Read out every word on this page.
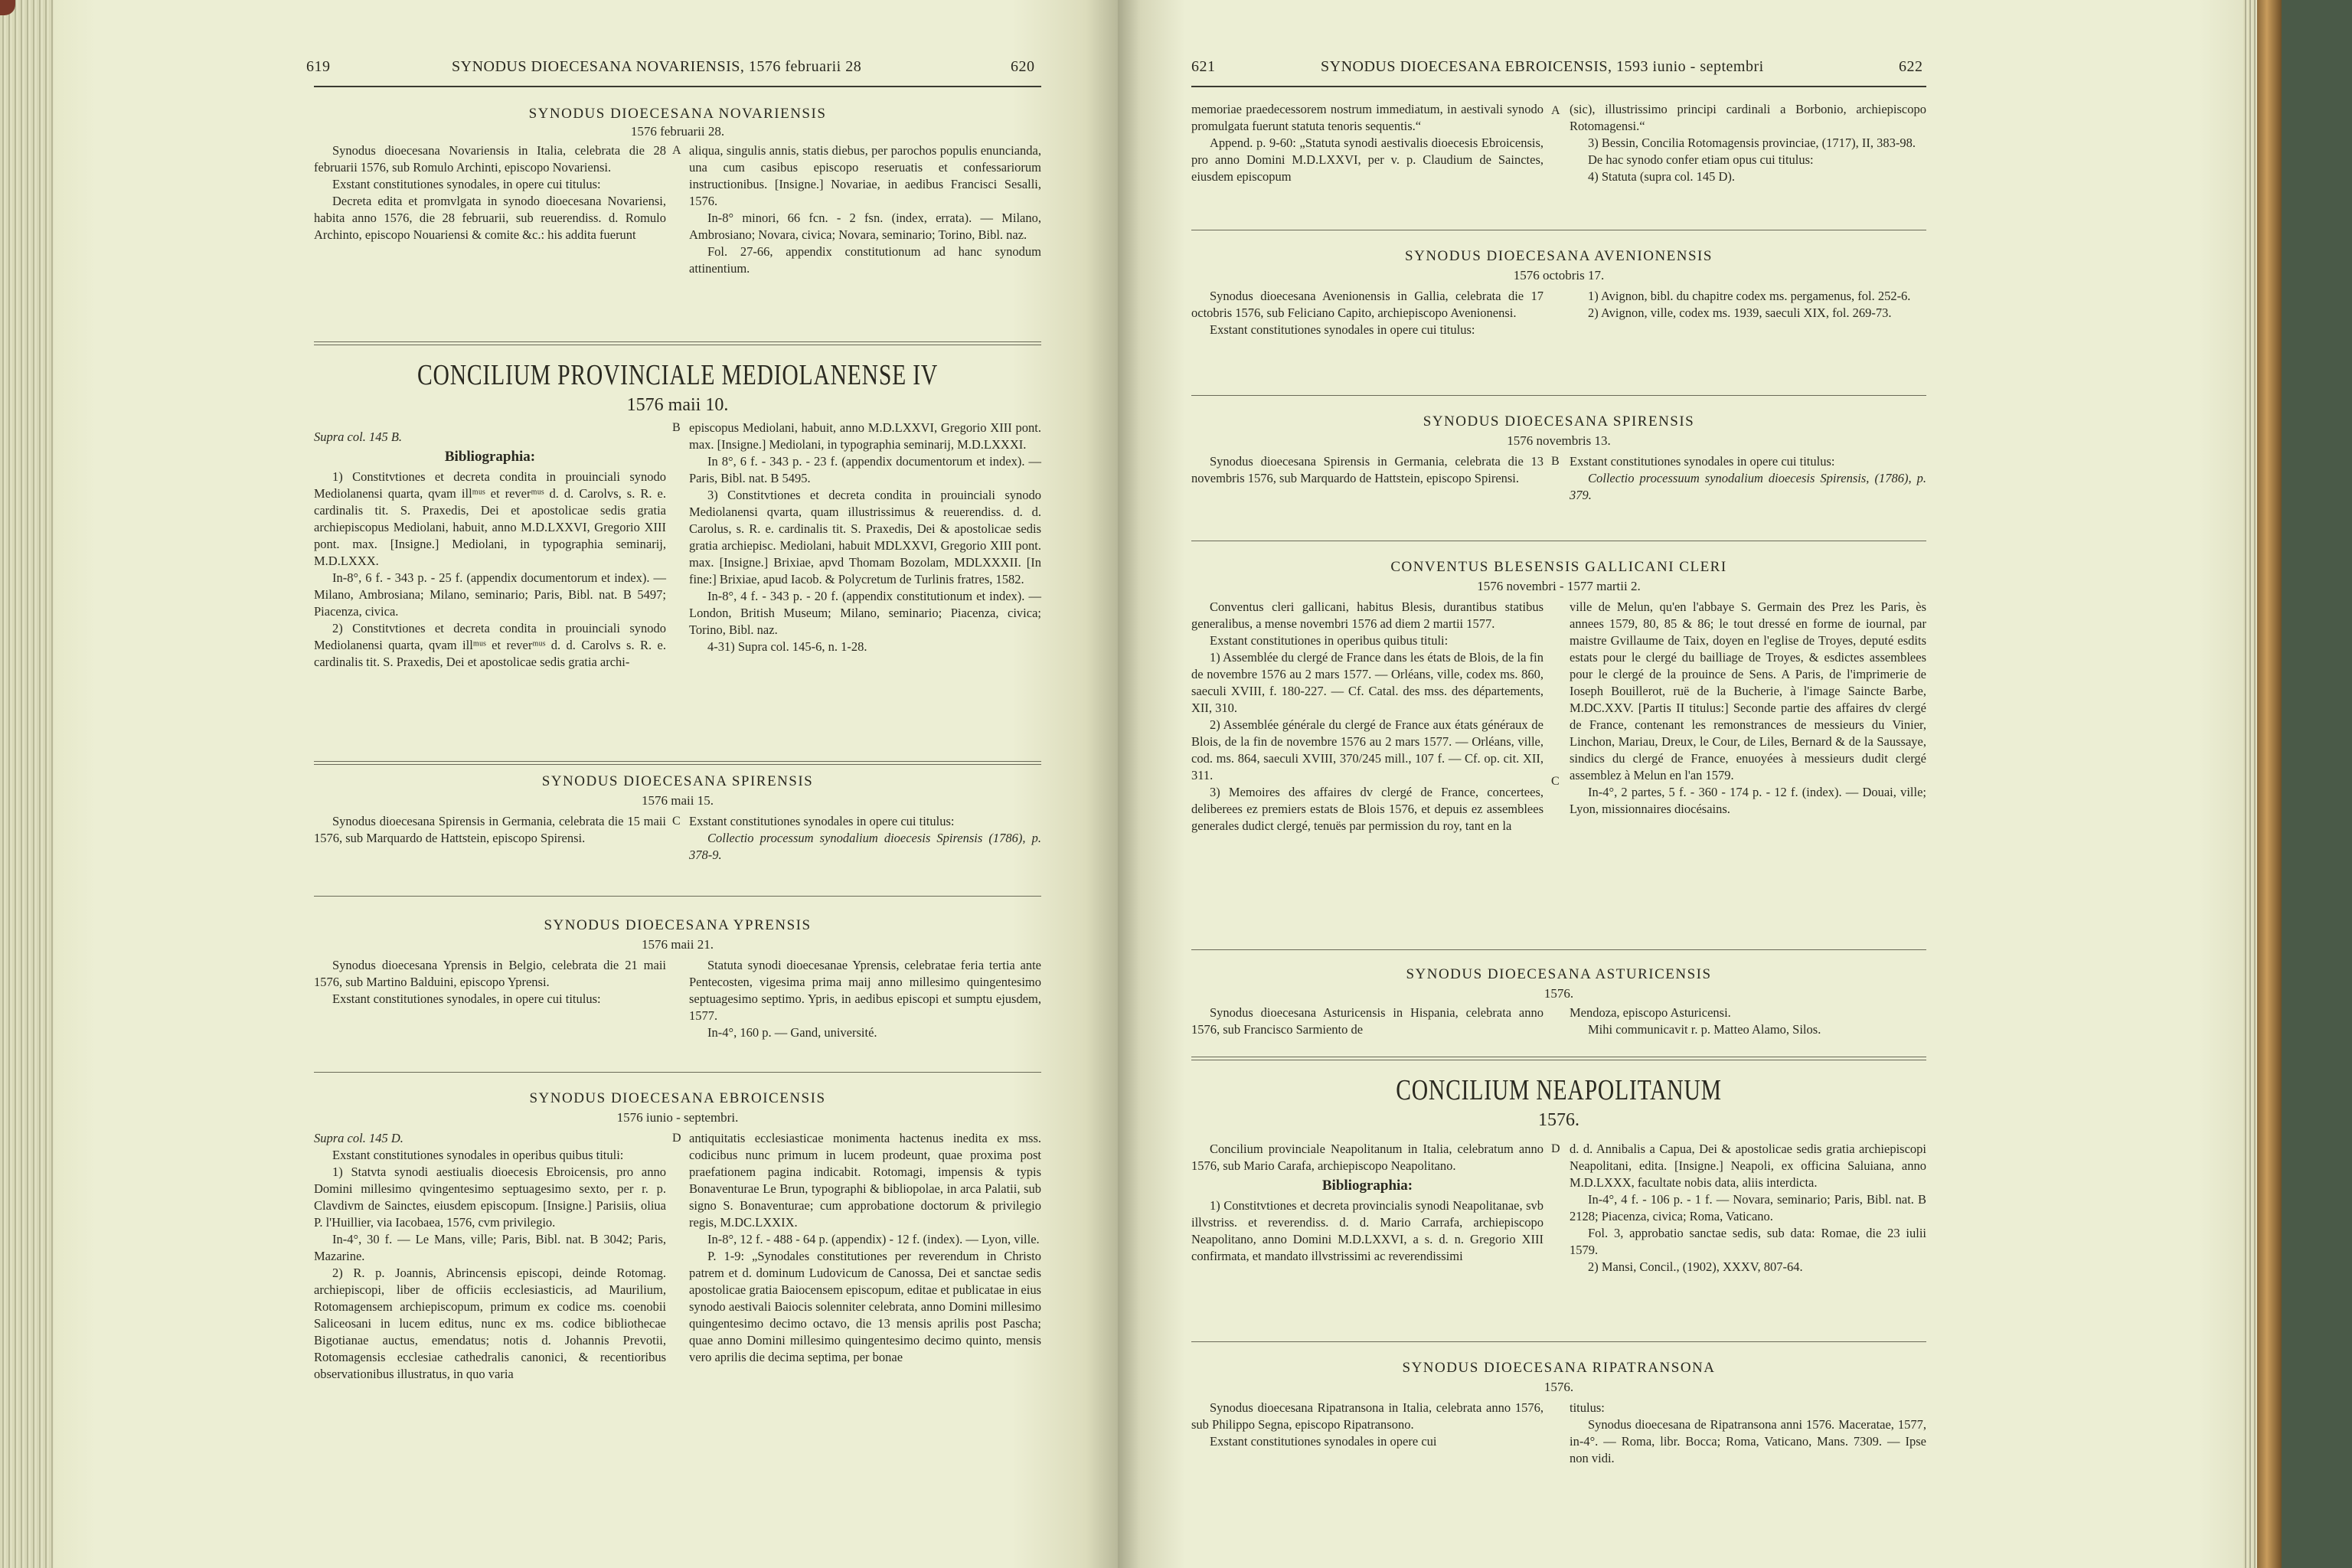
619	SYNODUS DIOECESANA NOVARIENSIS, 1576 februarii 28	620
SYNODUS DIOECESANA NOVARIENSIS
1576 februarii 28.

Synodus dioecesana Novariensis in Italia, celebrata die 28 februarii 1576, sub Romulo Archinti, episcopo Novariensi.

Exstant constitutiones synodales, in opere cui titulus:

Decreta edita et promvlgata in synodo dioecesana Novariensi, habita anno 1576, die 28 februarii, sub reuerendiss. d. Romulo Archinto, episcopo Nouariensi & comite &c.: his addita fuerunt

A aliqua, singulis annis, statis diebus, per parochos populis enuncianda, una cum casibus episcopo reseruatis et confessariorum instructionibus. [Insigne.] Novariae, in aedibus Francisci Sesalli, 1576.

In-8° minori, 66 fcn. - 2 fsn. (index, errata). — Milano, Ambrosiano; Novara, civica; Novara, seminario; Torino, Bibl. naz.

Fol. 27-66, appendix constitutionum ad hanc synodum attinentium.

CONCILIUM PROVINCIALE MEDIOLANENSE IV
1576 maii 10.

Supra col. 145 B.

Bibliographia:

1) Constitvtiones et decreta condita in prouinciali synodo Mediolanensi quarta, qvam illᵐᵘˢ et reverᵐᵘˢ d. d. Carolvs, s. R. e. cardinalis tit. S. Praxedis, Dei et apostolicae sedis gratia archiepiscopus Mediolani, habuit, anno M.D.LXXVI, Gregorio XIII pont. max. [Insigne.] Mediolani, in typographia seminarij, M.D.LXXX.

In-8°, 6 f. - 343 p. - 25 f. (appendix documentorum et index). — Milano, Ambrosiana; Milano, seminario; Paris, Bibl. nat. B 5497; Piacenza, civica.

2) Constitvtiones et decreta condita in prouinciali synodo Mediolanensi quarta, qvam illᵐᵘˢ et reverᵐᵘˢ d. d. Carolvs s. R. e. cardinalis tit. S. Praxedis, Dei et apostolicae sedis gratia archi-

B episcopus Mediolani, habuit, anno M.D.LXXVI, Gregorio XIII pont. max. [Insigne.] Mediolani, in typographia seminarij, M.D.LXXXI.

In 8°, 6 f. - 343 p. - 23 f. (appendix documentorum et index). — Paris, Bibl. nat. B 5495.

3) Constitvtiones et decreta condita in prouinciali synodo Mediolanensi qvarta, quam illustrissimus & reuerendiss. d. d. Carolus, s. R. e. cardinalis tit. S. Praxedis, Dei & apostolicae sedis gratia archiepisc. Mediolani, habuit MDLXXVI, Gregorio XIII pont. max. [Insigne.] Brixiae, apvd Thomam Bozolam, MDLXXXII. [In fine:] Brixiae, apud Iacob. & Polycretum de Turlinis fratres, 1582.

In-8°, 4 f. - 343 p. - 20 f. (appendix constitutionum et index). — London, British Museum; Milano, seminario; Piacenza, civica; Torino, Bibl. naz.

4-31) Supra col. 145-6, n. 1-28.

SYNODUS DIOECESANA SPIRENSIS
1576 maii 15.

Synodus dioecesana Spirensis in Germania, celebrata die 15 maii 1576, sub Marquardo de Hattstein, episcopo Spirensi.

C Exstant constitutiones synodales in opere cui titulus:

Collectio processum synodalium dioecesis Spirensis (1786), p. 378-9.

SYNODUS DIOECESANA YPRENSIS
1576 maii 21.

Synodus dioecesana Yprensis in Belgio, celebrata die 21 maii 1576, sub Martino Balduini, episcopo Yprensi.

Exstant constitutiones synodales, in opere cui titulus:

Statuta synodi dioecesanae Yprensis, celebratae feria tertia ante Pentecosten, vigesima prima maij anno millesimo quingentesimo septuagesimo septimo. Ypris, in aedibus episcopi et sumptu ejusdem, 1577.

In-4°, 160 p. — Gand, université.

SYNODUS DIOECESANA EBROICENSIS
1576 iunio - septembri.

Supra col. 145 D.

Exstant constitutiones synodales in operibus quibus tituli:

1) Statvta synodi aestiualis dioecesis Ebroicensis, pro anno Domini millesimo qvingentesimo septuagesimo sexto, per r. p. Clavdivm de Sainctes, eiusdem episcopum. [Insigne.] Parisiis, oliua P. l'Huillier, via Iacobaea, 1576, cvm privilegio.

In-4°, 30 f. — Le Mans, ville; Paris, Bibl. nat. B 3042; Paris, Mazarine.

2) R. p. Joannis, Abrincensis episcopi, deinde Rotomag. archiepiscopi, liber de officiis ecclesiasticis, ad Maurilium, Rotomagensem archiepiscopum, primum ex codice ms. coenobii Saliceosani in lucem editus, nunc ex ms. codice bibliothecae Bigotianae auctus, emendatus; notis d. Johannis Prevotii, Rotomagensis ecclesiae cathedralis canonici, & recentioribus observationibus illustratus, in quo varia

D antiquitatis ecclesiasticae monimenta hactenus inedita ex mss. codicibus nunc primum in lucem prodeunt, quae proxima post praefationem pagina indicabit. Rotomagi, impensis & typis Bonaventurae Le Brun, typographi & bibliopolae, in arca Palatii, sub signo S. Bonaventurae; cum approbatione doctorum & privilegio regis, M.DC.LXXIX.

In-8°, 12 f. - 488 - 64 p. (appendix) - 12 f. (index). — Lyon, ville.

P. 1-9: „Synodales constitutiones per reverendum in Christo patrem et d. dominum Ludovicum de Canossa, Dei et sanctae sedis apostolicae gratia Baiocensem episcopum, editae et publicatae in eius synodo aestivali Baiocis solenniter celebrata, anno Domini millesimo quingentesimo decimo octavo, die 13 mensis aprilis post Pascha; quae anno Domini millesimo quingentesimo decimo quinto, mensis vero aprilis die decima septima, per bonae

621	SYNODUS DIOECESANA EBROICENSIS, 1593 iunio - septembri	622

memoriae praedecessorem nostrum immediatum, in aestivali synodo promulgata fuerunt statuta tenoris sequentis.“

Append. p. 9-60: „Statuta synodi aestivalis dioecesis Ebroicensis, pro anno Domini M.D.LXXVI, per v. p. Claudium de Sainctes, eiusdem episcopum

A (sic), illustrissimo principi cardinali a Borbonio, archiepiscopo Rotomagensi.“

3) Bessin, Concilia Rotomagensis provinciae, (1717), II, 383-98.

De hac synodo confer etiam opus cui titulus:

4) Statuta (supra col. 145 D).

SYNODUS DIOECESANA AVENIONENSIS
1576 octobris 17.

Synodus dioecesana Avenionensis in Gallia, celebrata die 17 octobris 1576, sub Feliciano Capito, archiepiscopo Avenionensi.

Exstant constitutiones synodales in opere cui titulus:

1) Avignon, bibl. du chapitre codex ms. pergamenus, fol. 252-6.

2) Avignon, ville, codex ms. 1939, saeculi XIX, fol. 269-73.

SYNODUS DIOECESANA SPIRENSIS
1576 novembris 13.

Synodus dioecesana Spirensis in Germania, celebrata die 13 novembris 1576, sub Marquardo de Hattstein, episcopo Spirensi.

B Exstant constitutiones synodales in opere cui titulus:

Collectio processuum synodalium dioecesis Spirensis, (1786), p. 379.

CONVENTUS BLESENSIS GALLICANI CLERI
1576 novembri - 1577 martii 2.

Conventus cleri gallicani, habitus Blesis, durantibus statibus generalibus, a mense novembri 1576 ad diem 2 martii 1577.

Exstant constitutiones in operibus quibus tituli:

1) Assemblée du clergé de France dans les états de Blois, de la fin de novembre 1576 au 2 mars 1577. — Orléans, ville, codex ms. 860, saeculi XVIII, f. 180-227. — Cf. Catal. des mss. des départements, XII, 310.

2) Assemblée générale du clergé de France aux états généraux de Blois, de la fin de novembre 1576 au 2 mars 1577. — Orléans, ville, cod. ms. 864, saeculi XVIII, 370/245 mill., 107 f. — Cf. op. cit. XII, 311.

3) Memoires des affaires dv clergé de France, concertees, deliberees ez premiers estats de Blois 1576, et depuis ez assemblees generales dudict clergé, tenuës par permission du roy, tant en la

C

ville de Melun, qu'en l'abbaye S. Germain des Prez les Paris, ès annees 1579, 80, 85 & 86; le tout dressé en forme de iournal, par maistre Gvillaume de Taix, doyen en l'eglise de Troyes, deputé esdits estats pour le clergé du bailliage de Troyes, & esdictes assemblees pour le clergé de la prouince de Sens. A Paris, de l'imprimerie de Ioseph Bouillerot, ruë de la Bucherie, à l'image Saincte Barbe, M.DC.XXV. [Partis II titulus:] Seconde partie des affaires dv clergé de France, contenant les remonstrances de messieurs du Vinier, Linchon, Mariau, Dreux, le Cour, de Liles, Bernard & de la Saussaye, sindics du clergé de France, enuoyées à messieurs dudit clergé assemblez à Melun en l'an 1579.

In-4°, 2 partes, 5 f. - 360 - 174 p. - 12 f. (index). — Douai, ville; Lyon, missionnaires diocésains.

SYNODUS DIOECESANA ASTURICENSIS
1576.

Synodus dioecesana Asturicensis in Hispania, celebrata anno 1576, sub Francisco Sarmiento de

Mendoza, episcopo Asturicensi.

Mihi communicavit r. p. Matteo Alamo, Silos.

CONCILIUM NEAPOLITANUM
1576.

Concilium provinciale Neapolitanum in Italia, celebratum anno 1576, sub Mario Carafa, archiepiscopo Neapolitano.

Bibliographia:

1) Constitvtiones et decreta provincialis synodi Neapolitanae, svb illvstriss. et reverendiss. d. d. Mario Carrafa, archiepiscopo Neapolitano, anno Domini M.D.LXXVI, a s. d. n. Gregorio XIII confirmata, et mandato illvstrissimi ac reverendissimi

D d. d. Annibalis a Capua, Dei & apostolicae sedis gratia archiepiscopi Neapolitani, edita. [Insigne.] Neapoli, ex officina Saluiana, anno M.D.LXXX, facultate nobis data, aliis interdicta.

In-4°, 4 f. - 106 p. - 1 f. — Novara, seminario; Paris, Bibl. nat. B 2128; Piacenza, civica; Roma, Vaticano.

Fol. 3, approbatio sanctae sedis, sub data: Romae, die 23 iulii 1579.

2) Mansi, Concil., (1902), XXXV, 807-64.

SYNODUS DIOECESANA RIPATRANSONA
1576.

Synodus dioecesana Ripatransona in Italia, celebrata anno 1576, sub Philippo Segna, episcopo Ripatransono.

Exstant constitutiones synodales in opere cui

titulus:

Synodus dioecesana de Ripatransona anni 1576. Maceratae, 1577, in-4°. — Roma, libr. Bocca; Roma, Vaticano, Mans. 7309. — Ipse non vidi.
